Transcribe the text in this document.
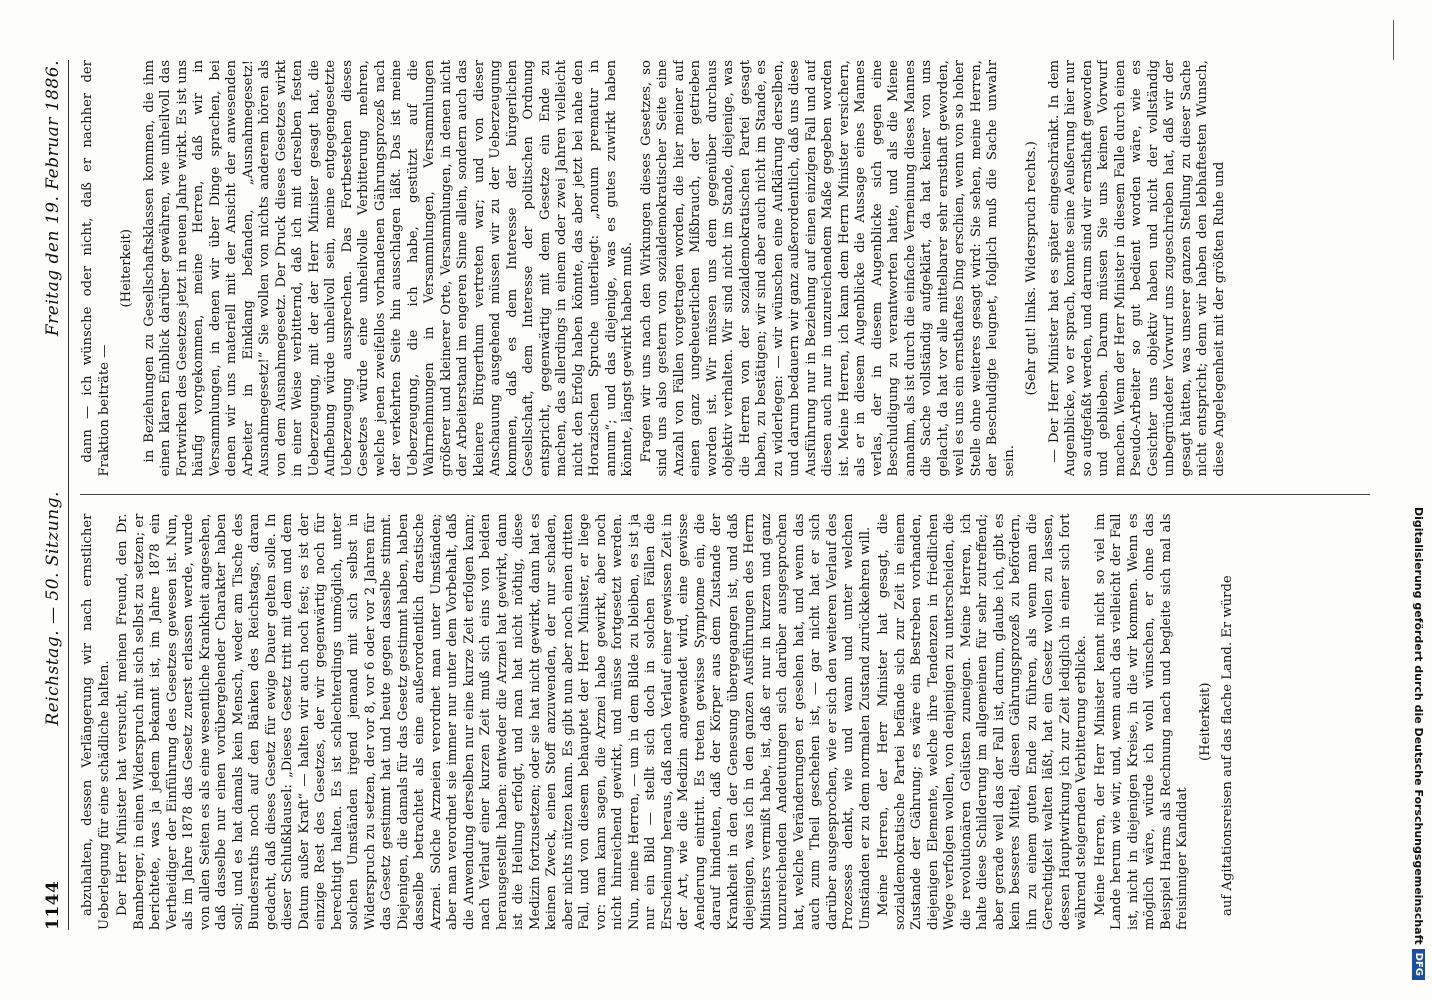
1144
Reichstag. — 50. Sitzung.
Freitag den 19. Februar 1886.

abzuhalten, dessen Verlängerung wir nach ernstlicher Ueberlegung für eine schädliche halten. Der Herr Minister hat versucht, meinen Freund, den Dr. Bamberger, in einen Widerspruch mit sich selbst zu setzen; er berichtete, was ja jedem bekannt ist, im Jahre 1878 ein Vertheidiger der Einführung des Gesetzes gewesen ist. Nun, als im Jahre 1878 das Gesetz zuerst erlassen werde, wurde von allen Seiten es als eine wesentliche Krankheit angesehen, daß dasselbe nur einen vorübergehender Charakter haben soll; und es hat damals kein Mensch, weder am Tische des Bundesraths noch auf den Bänken des Reichstags, daran gedacht, daß dieses Gesetz für ewige Dauer gelten solle. In dieser Schlußklausel: „Dieses Gesetz tritt mit dem und dem Datum außer Kraft“ — halten wir auch noch fest; es ist der einzige Rest des Gesetzes, der wir gegenwärtig noch für berechtigt halten. Es ist schlechterdings unmöglich, unter solchen Umständen irgend jemand mit sich selbst in Widerspruch zu setzen, der vor 8, vor 6 oder vor 2 Jahren für das Gesetz gestimmt hat und heute gegen dasselbe stimmt. Diejenigen, die damals für das Gesetz gestimmt haben, haben dasselbe betrachtet als eine außerordentlich drastische Arznei. Solche Arzneien verordnet man unter Umständen; aber man verordnet sie immer nur unter dem Vorbehalt, daß die Anwendung derselben nur eine kurze Zeit erfolgen kann; nach Verlauf einer kurzen Zeit muß sich eins von beiden herausgestellt haben: entweder die Arznei hat gewirkt, dann ist die Heilung erfolgt, und man hat nicht nöthig, diese Medizin fortzusetzen; oder sie hat nicht gewirkt, dann hat es keinen Zweck, einen Stoff anzuwenden, der nur schaden, aber nichts nützen kann. Es gibt nun aber noch einen dritten Fall, und von diesem behauptet der Herr Minister, er liege vor: man kann sagen, die Arznei habe gewirkt, aber noch nicht hinreichend gewirkt, und müsse fortgesetzt werden. Nun, meine Herren, — um in dem Bilde zu bleiben, es ist ja nur ein Bild — stellt sich doch in solchen Fällen die Erscheinung heraus, daß nach Verlauf einer gewissen Zeit in der Art, wie die Medizin angewendet wird, eine gewisse Aenderung eintritt. Es treten gewisse Symptome ein, die darauf hindeuten, daß der Körper aus dem Zustande der Krankheit in den der Genesung übergegangen ist, und daß diejenigen, was ich in den ganzen Ausführungen des Herrn Ministers vermißt habe, ist, daß er nur in kurzen und ganz unzureichenden Andeutungen sich darüber ausgesprochen hat, welche Veränderungen er gesehen hat, und wenn das auch zum Theil geschehen ist, — gar nicht hat er sich darüber ausgesprochen, wie er sich den weiteren Verlauf des Prozesses denkt, wie und wann und unter welchen Umständen er zu dem normalen Zustand zurückkehren will. Meine Herren, der Herr Minister hat gesagt, die sozialdemokratische Partei befände sich zur Zeit in einem Zustande der Gährung; es wäre ein Bestreben vorhanden, diejenigen Elemente, welche ihre Tendenzen in friedlichen Wege verfolgen wollen, von denjenigen zu unterscheiden, die die revolutionären Gelüsten zuneigen. Meine Herren, ich halte diese Schilderung im allgemeinen für sehr zutreffend; aber gerade weil das der Fall ist, darum, glaube ich, gibt es kein besseres Mittel, diesen Gährungsprozeß zu befördern, ihn zu einem guten Ende zu führen, als wenn man die Gerechtigkeit walten läßt, hat ein Gesetz wollen zu lassen, dessen Hauptwirkung ich zur Zeit lediglich in einer sich fort während steigernden Verbitterung erblicke. Meine Herren, der Herr Minister kennt nicht so viel im Lande herum wie wir, und, wenn auch das vielleicht der Fall ist, nicht in diejenigen Kreise, in die wir kommen. Wenn es möglich wäre, würde ich wohl wünschen, er ohne das Beispiel Harms als Rechnung nach und begleite sich mal als freisinniger Kandidat

(Heiterkeit) auf Agitationsreisen auf das flache Land. Er würde

dann — ich wünsche oder nicht, daß er nachher der Fraktion beiträte —

(Heiterkeit) in Beziehungen zu Gesellschaftsklassen kommen, die ihm einen klaren Einblick darüber gewähren, wie unheilvoll das Fortwirken des Gesetzes jetzt in neuen Jahre wirkt. Es ist uns häufig vorgekommen, meine Herren, daß wir in Versammlungen, in denen wir über Dinge sprachen, bei denen wir uns materiell mit der Ansicht der anwesenden Arbeiter in Einklang befanden, „Ausnahmegesetz! Ausnahmegesetz!“ Sie wollen von nichts anderem hören als von dem Ausnahmegesetz. Der Druck dieses Gesetzes wirkt in einer Weise verbitternd, daß ich mit derselben festen Ueberzeugung, mit der der Herr Minister gesagt hat, die Aufhebung würde unheilvoll sein, meine entgegengesetzte Ueberzeugung aussprechen. Das Fortbestehen dieses Gesetzes würde eine unheilvolle Verbitterung mehren, welche jenen zweifellos vorhandenen Gährungsprozeß nach der verkehrten Seite hin ausschlagen läßt. Das ist meine Ueberzeugung, die ich habe, gestützt auf die Wahrnehmungen in Versammlungen, Versammlungen größerer und kleinerer Orte, Versammlungen, in denen nicht der Arbeiterstand im engeren Sinne allein, sondern auch das kleinere Bürgerthum vertreten war; und von dieser Anschauung ausgehend müssen wir zu der Ueberzeugung kommen, daß es dem Interesse der bürgerlichen Gesellschaft, dem Interesse der politischen Ordnung entspricht, gegenwärtig mit dem Gesetze ein Ende zu machen, das allerdings in einem oder zwei Jahren vielleicht nicht den Erfolg haben könnte, das aber jetzt bei nahe den Horazischen Spruche unterliegt: „nonum prematur in annum“; und das diejenige, was es gutes zuwirkt haben könnte, längst gewirkt haben muß. Fragen wir uns nach den Wirkungen dieses Gesetzes, so sind uns also gestern von sozialdemokratischer Seite eine Anzahl von Fällen vorgetragen worden, die hier meiner auf einen ganz ungeheuerlichen Mißbrauch, der getrieben worden ist. Wir müssen uns dem gegenüber durchaus objektiv verhalten. Wir sind nicht im Stande, diejenige, was die Herren von der sozialdemokratischen Partei gesagt haben, zu bestätigen; wir sind aber auch nicht im Stande, es zu widerlegen: — wir wünschen eine Aufklärung derselben, und darum bedauern wir ganz außerordentlich, daß uns diese Ausführung nur in Beziehung auf einen einzigen Fall und auf diesen auch nur in unzureichendem Maße gegeben worden ist. Meine Herren, ich kann dem Herrn Minister versichern, als er in diesem Augenblicke die Aussage eines Mannes verlas, der in diesem Augenblicke sich gegen eine Beschuldigung zu verantworten hatte, und als die Miene annahm, als ist durch die einfache Verneinung dieses Mannes die Sache vollständig aufgeklärt, da hat keiner von uns gelacht, da hat vor alle mittelbarer sehr ernsthaft geworden, weil es uns ein ernsthaftes Ding erschien, wenn von so hoher Stelle ohne weiteres gesagt wird: Sie sehen, meine Herren, der Beschuldigte leugnet, folglich muß die Sache unwahr sein.

(Sehr gut! links. Widerspruch rechts.) — Der Herr Minister hat es später eingeschränkt. In dem Augenblicke, wo er sprach, konnte seine Aeußerung hier nur so aufgefaßt werden, und darum sind wir ernsthaft geworden und geblieben. Darum müssen Sie uns keinen Vorwurf machen. Wenn der Herr Minister in diesem Falle durch einen Pseudo-Arbeiter so gut bedient worden wäre, wie es Gesichter uns objektiv haben und nicht der vollständig unbegründeter Vorwurf uns zugeschrieben hat, daß wir der gesagt hätten, was unserer ganzen Stellung zu dieser Sache nicht entspricht; denn wir haben den lebhaftesten Wunsch, diese Angelegenheit mit der größten Ruhe und

Digitalisierung gefördert durch die Deutsche Forschungsgemeinschaft
DFG
